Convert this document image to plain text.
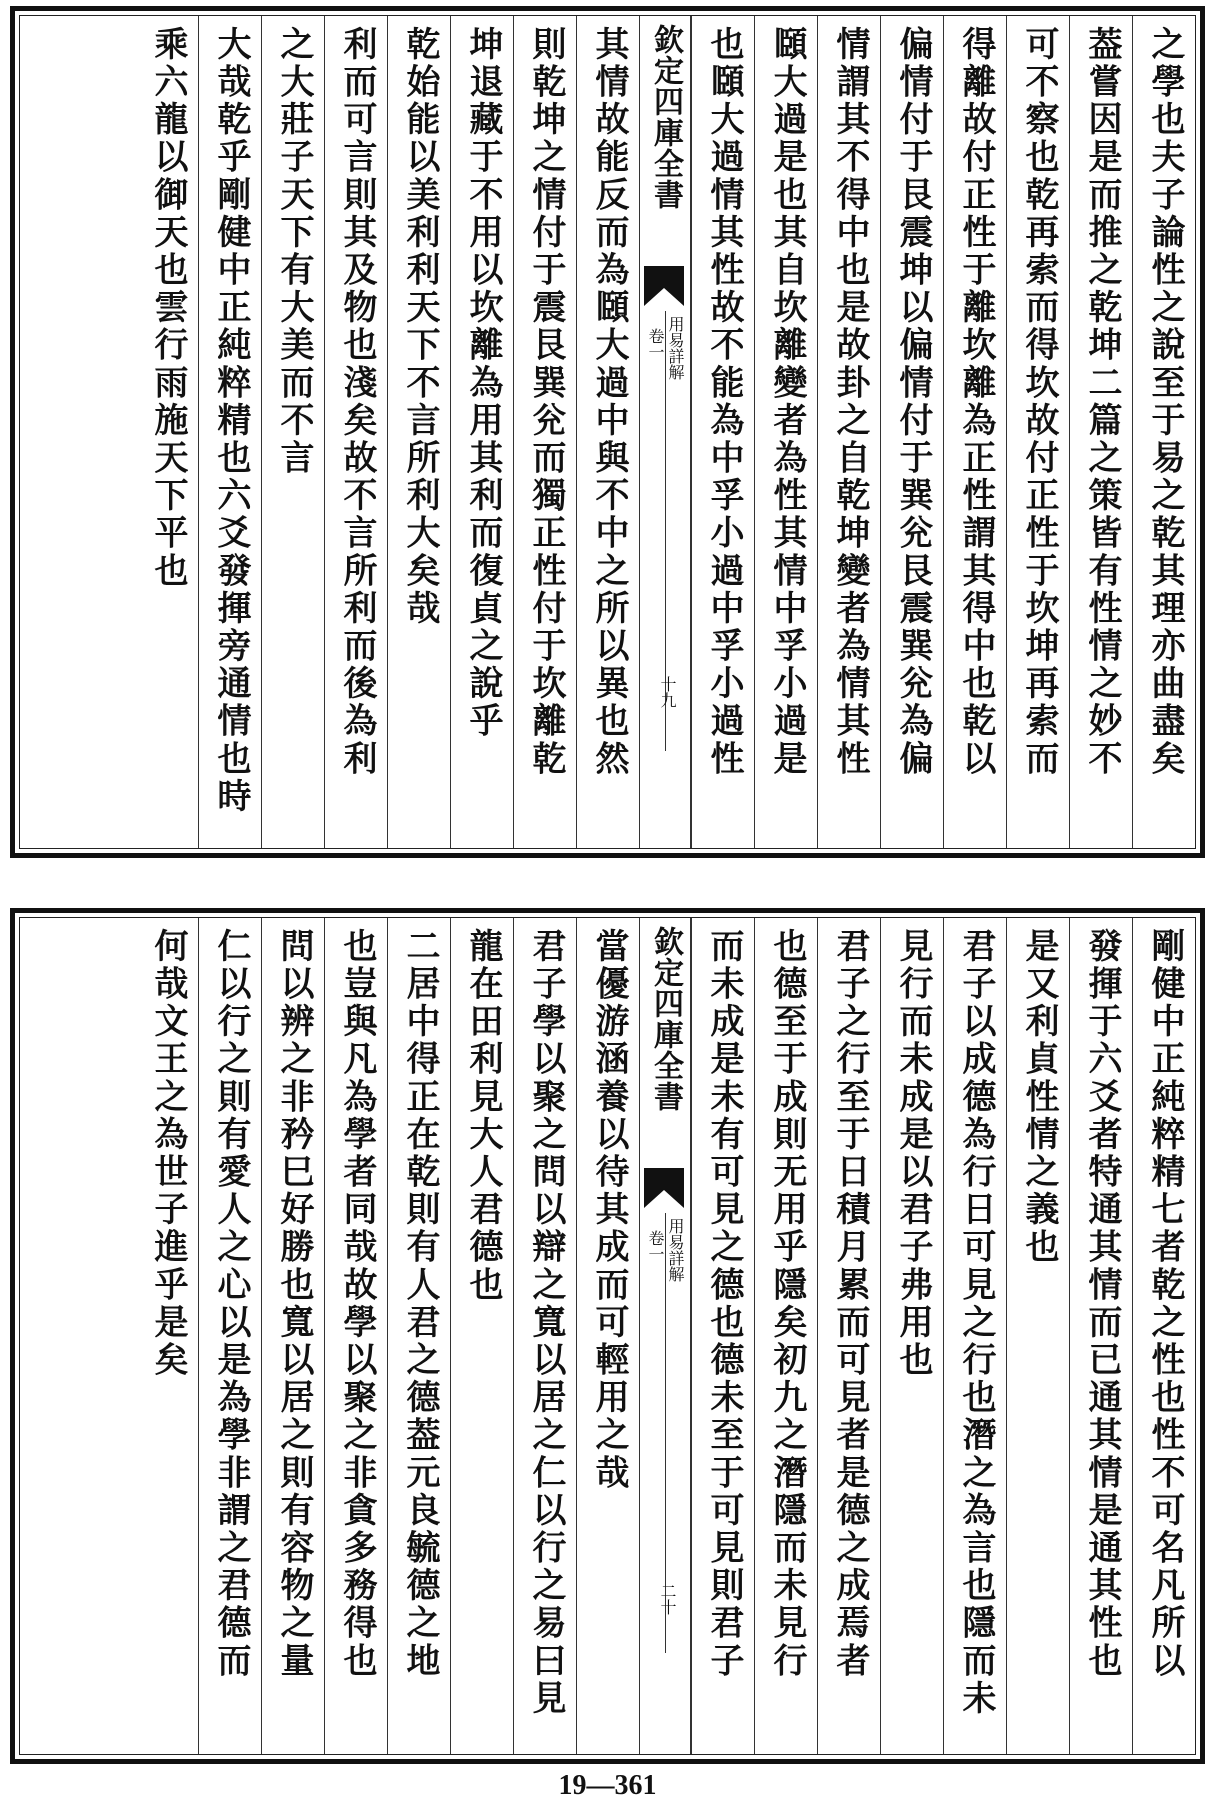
之學也夫子論性之說至于易之乾其理亦曲盡矣
葢嘗因是而推之乾坤二篇之策皆有性情之妙不
可不察也乾再索而得坎故付正性于坎坤再索而
得離故付正性于離坎離為正性謂其得中也乾以
偏情付于艮震坤以偏情付于巽兊艮震巽兊為偏
情謂其不得中也是故卦之自乾坤變者為情其性
頥大過是也其自坎離變者為性其情中孚小過是
也頥大過情其性故不能為中孚小過中孚小過性
欽定四庫全書
用易詳解
卷一
十九
其情故能反而為頥大過中與不中之所以異也然
則乾坤之情付于震艮巽兊而獨正性付于坎離乾
坤退藏于不用以坎離為用其利而復貞之說乎
乾始能以美利利天下不言所利大矣哉
利而可言則其及物也淺矣故不言所利而後為利
之大莊子天下有大美而不言
大哉乾乎剛健中正純粹精也六爻發揮旁通情也時
乘六龍以御天也雲行雨施天下平也
剛健中正純粹精七者乾之性也性不可名凡所以
發揮于六爻者特通其情而已通其情是通其性也
是又利貞性情之義也
君子以成德為行日可見之行也潛之為言也隱而未
見行而未成是以君子弗用也
君子之行至于日積月累而可見者是德之成焉者
也德至于成則无用乎隱矣初九之潛隱而未見行
而未成是未有可見之德也德未至于可見則君子
欽定四庫全書
用易詳解
卷一
二十
當優游涵養以待其成而可輕用之哉
君子學以聚之問以辯之寬以居之仁以行之易曰見
龍在田利見大人君德也
二居中得正在乾則有人君之德葢元良毓德之地
也豈與凡為學者同哉故學以聚之非貪多務得也
問以辨之非矜巳好勝也寬以居之則有容物之量
仁以行之則有愛人之心以是為學非謂之君德而
何哉文王之為世子進乎是矣
19—361
